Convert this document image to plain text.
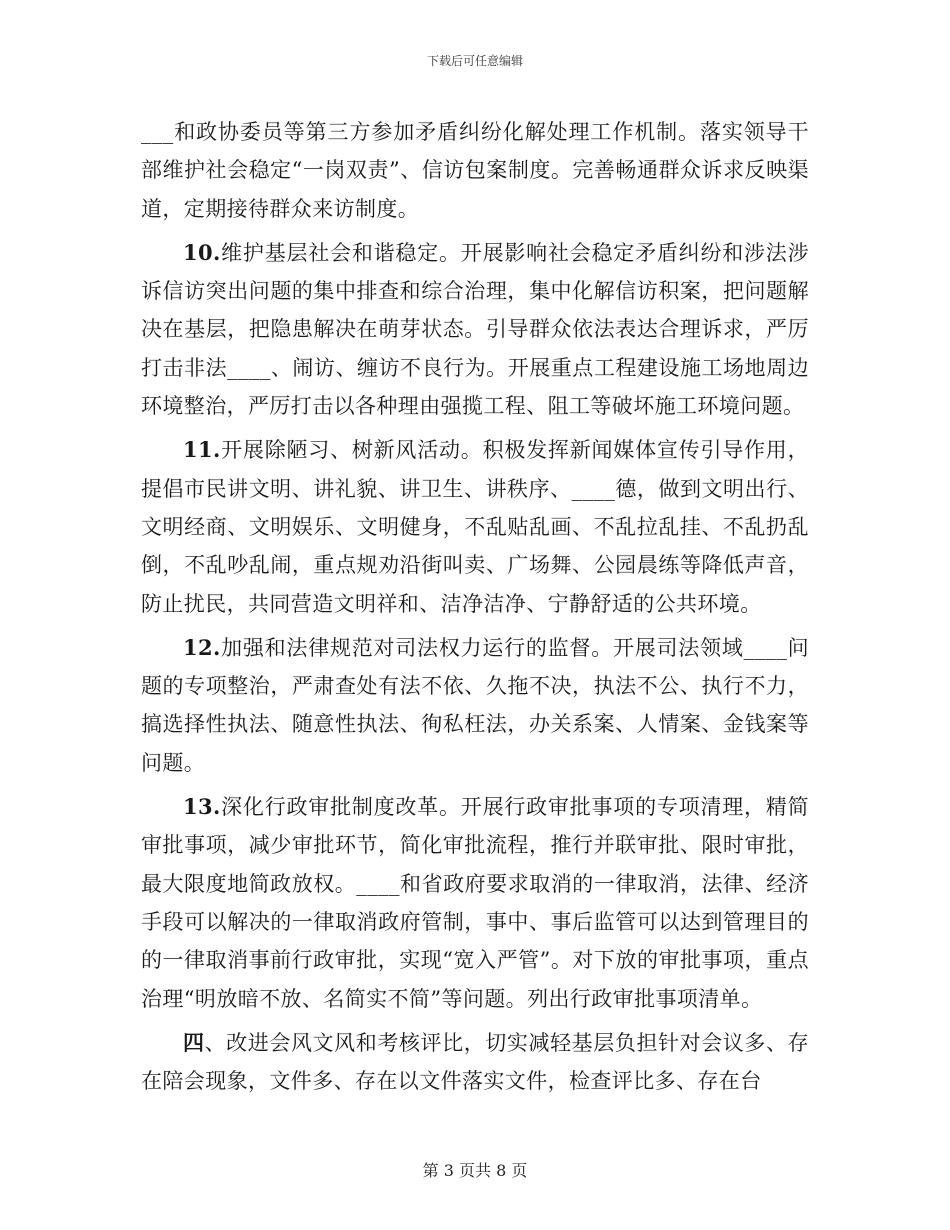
下载后可任意编辑

___和政协委员等第三方参加矛盾纠纷化解处理工作机制。落实领导干部维护社会稳定“一岗双责”、信访包案制度。完善畅通群众诉求反映渠道，定期接待群众来访制度。

10.维护基层社会和谐稳定。开展影响社会稳定矛盾纠纷和涉法涉诉信访突出问题的集中排查和综合治理，集中化解信访积案，把问题解决在基层，把隐患解决在萌芽状态。引导群众依法表达合理诉求，严厉打击非法____、闹访、缠访不良行为。开展重点工程建设施工场地周边环境整治，严厉打击以各种理由强揽工程、阻工等破坏施工环境问题。

11.开展除陋习、树新风活动。积极发挥新闻媒体宣传引导作用，提倡市民讲文明、讲礼貌、讲卫生、讲秩序、____德，做到文明出行、文明经商、文明娱乐、文明健身，不乱贴乱画、不乱拉乱挂、不乱扔乱倒，不乱吵乱闹，重点规劝沿街叫卖、广场舞、公园晨练等降低声音，防止扰民，共同营造文明祥和、洁净洁净、宁静舒适的公共环境。

12.加强和法律规范对司法权力运行的监督。开展司法领域____问题的专项整治，严肃查处有法不依、久拖不决，执法不公、执行不力，搞选择性执法、随意性执法、徇私枉法，办关系案、人情案、金钱案等问题。

13.深化行政审批制度改革。开展行政审批事项的专项清理，精简审批事项，减少审批环节，简化审批流程，推行并联审批、限时审批，最大限度地简政放权。____和省政府要求取消的一律取消，法律、经济手段可以解决的一律取消政府管制，事中、事后监管可以达到管理目的的一律取消事前行政审批，实现“宽入严管”。对下放的审批事项，重点治理“明放暗不放、名简实不简”等问题。列出行政审批事项清单。

四、改进会风文风和考核评比，切实减轻基层负担针对会议多、存在陪会现象，文件多、存在以文件落实文件，检查评比多、存在台

第 3 页共 8 页
